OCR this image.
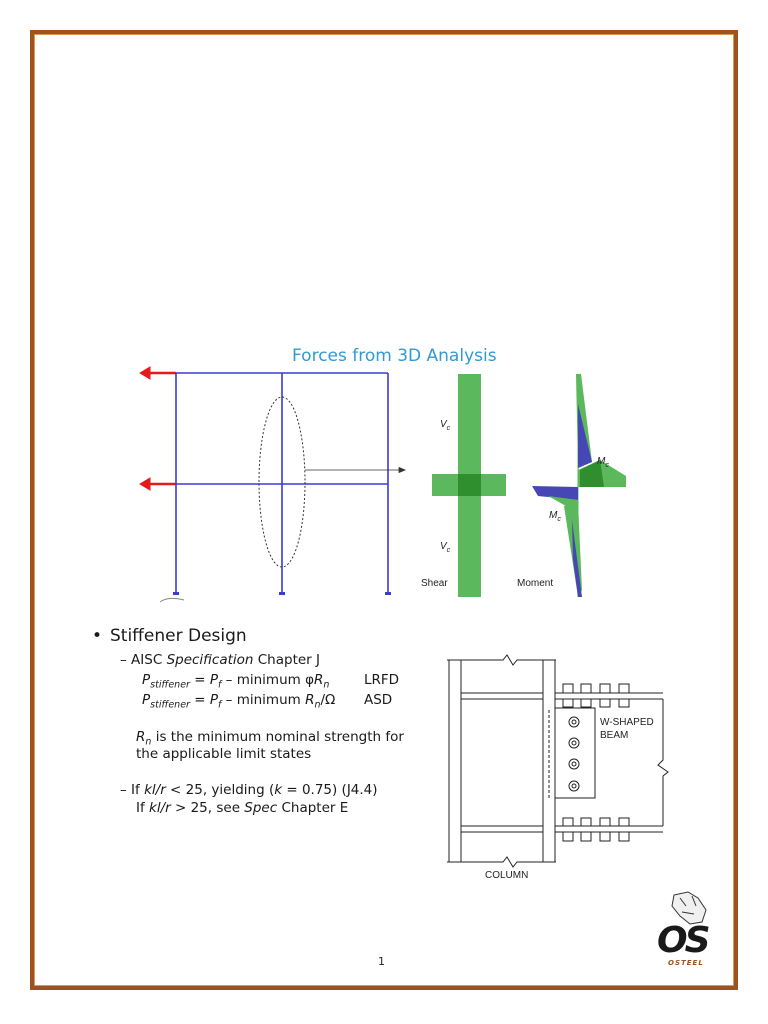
Forces from 3D Analysis
$V_c$
$V_c$
$M_c$
$M_c$
Shear	Moment

• Stiffener Design

– AISC Specification Chapter J
$P_{stiffener} = P_f$ – minimum $\varphi R_n$	LRFD
$P_{stiffener} = P_f$ – minimum $R_n/\Omega$ ASD
$R_n$ is the minimum nominal strength for
the applicable limit states
– If kl/r < 25, yielding (k = 0.75) (J4.4)
If kl/r > 25, see Spec Chapter E
W-SHAPED
BEAM
COLUMN
OS
OSTEEL
1
